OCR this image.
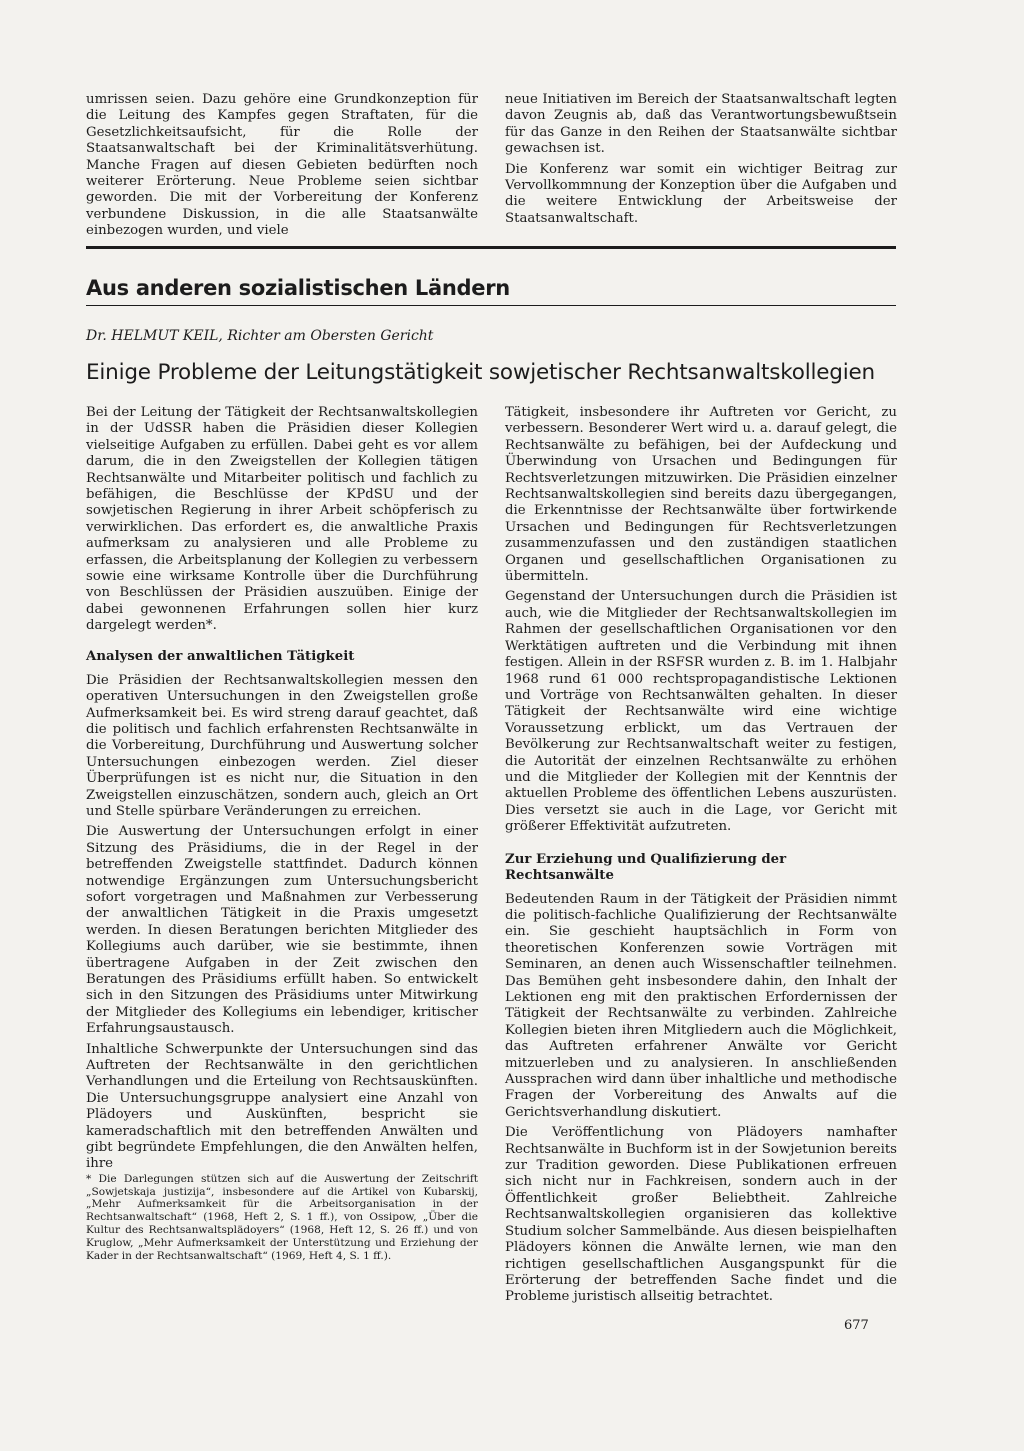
umrissen seien. Dazu gehöre eine Grundkonzeption für die Leitung des Kampfes gegen Straftaten, für die Gesetzlichkeitsaufsicht, für die Rolle der Staatsanwaltschaft bei der Kriminalitätsverhütung. Manche Fragen auf diesen Gebieten bedürften noch weiterer Erörterung. Neue Probleme seien sichtbar geworden. Die mit der Vorbereitung der Konferenz verbundene Diskussion, in die alle Staatsanwälte einbezogen wurden, und viele

neue Initiativen im Bereich der Staatsanwaltschaft legten davon Zeugnis ab, daß das Verantwortungsbewußtsein für das Ganze in den Reihen der Staatsanwälte sichtbar gewachsen ist.

Die Konferenz war somit ein wichtiger Beitrag zur Vervollkommnung der Konzeption über die Aufgaben und die weitere Entwicklung der Arbeitsweise der Staatsanwaltschaft.

Aus anderen sozialistischen Ländern

Dr. HELMUT KEIL, Richter am Obersten Gericht

Einige Probleme der Leitungstätigkeit sowjetischer Rechtsanwaltskollegien

Bei der Leitung der Tätigkeit der Rechtsanwaltskollegien in der UdSSR haben die Präsidien dieser Kollegien vielseitige Aufgaben zu erfüllen. Dabei geht es vor allem darum, die in den Zweigstellen der Kollegien tätigen Rechtsanwälte und Mitarbeiter politisch und fachlich zu befähigen, die Beschlüsse der KPdSU und der sowjetischen Regierung in ihrer Arbeit schöpferisch zu verwirklichen. Das erfordert es, die anwaltliche Praxis aufmerksam zu analysieren und alle Probleme zu erfassen, die Arbeitsplanung der Kollegien zu verbessern sowie eine wirksame Kontrolle über die Durchführung von Beschlüssen der Präsidien auszuüben. Einige der dabei gewonnenen Erfahrungen sollen hier kurz dargelegt werden*.

Analysen der anwaltlichen Tätigkeit

Die Präsidien der Rechtsanwaltskollegien messen den operativen Untersuchungen in den Zweigstellen große Aufmerksamkeit bei. Es wird streng darauf geachtet, daß die politisch und fachlich erfahrensten Rechtsanwälte in die Vorbereitung, Durchführung und Auswertung solcher Untersuchungen einbezogen werden. Ziel dieser Überprüfungen ist es nicht nur, die Situation in den Zweigstellen einzuschätzen, sondern auch, gleich an Ort und Stelle spürbare Veränderungen zu erreichen.

Die Auswertung der Untersuchungen erfolgt in einer Sitzung des Präsidiums, die in der Regel in der betreffenden Zweigstelle stattfindet. Dadurch können notwendige Ergänzungen zum Untersuchungsbericht sofort vorgetragen und Maßnahmen zur Verbesserung der anwaltlichen Tätigkeit in die Praxis umgesetzt werden. In diesen Beratungen berichten Mitglieder des Kollegiums auch darüber, wie sie bestimmte, ihnen übertragene Aufgaben in der Zeit zwischen den Beratungen des Präsidiums erfüllt haben. So entwickelt sich in den Sitzungen des Präsidiums unter Mitwirkung der Mitglieder des Kollegiums ein lebendiger, kritischer Erfahrungsaustausch.

Inhaltliche Schwerpunkte der Untersuchungen sind das Auftreten der Rechtsanwälte in den gerichtlichen Verhandlungen und die Erteilung von Rechtsauskünften. Die Untersuchungsgruppe analysiert eine Anzahl von Plädoyers und Auskünften, bespricht sie kameradschaftlich mit den betreffenden Anwälten und gibt begründete Empfehlungen, die den Anwälten helfen, ihre

* Die Darlegungen stützen sich auf die Auswertung der Zeitschrift „Sowjetskaja justizija“, insbesondere auf die Artikel von Kubarskij, „Mehr Aufmerksamkeit für die Arbeitsorganisation in der Rechtsanwaltschaft“ (1968, Heft 2, S. 1 ff.), von Ossipow, „Über die Kultur des Rechtsanwaltsplädoyers“ (1968, Heft 12, S. 26 ff.) und von Kruglow, „Mehr Aufmerksamkeit der Unterstützung und Erziehung der Kader in der Rechtsanwaltschaft“ (1969, Heft 4, S. 1 ff.).

Tätigkeit, insbesondere ihr Auftreten vor Gericht, zu verbessern. Besonderer Wert wird u. a. darauf gelegt, die Rechtsanwälte zu befähigen, bei der Aufdeckung und Überwindung von Ursachen und Bedingungen für Rechtsverletzungen mitzuwirken. Die Präsidien einzelner Rechtsanwaltskollegien sind bereits dazu übergegangen, die Erkenntnisse der Rechtsanwälte über fortwirkende Ursachen und Bedingungen für Rechtsverletzungen zusammenzufassen und den zuständigen staatlichen Organen und gesellschaftlichen Organisationen zu übermitteln.

Gegenstand der Untersuchungen durch die Präsidien ist auch, wie die Mitglieder der Rechtsanwaltskollegien im Rahmen der gesellschaftlichen Organisationen vor den Werktätigen auftreten und die Verbindung mit ihnen festigen. Allein in der RSFSR wurden z. B. im 1. Halbjahr 1968 rund 61 000 rechtspropagandistische Lektionen und Vorträge von Rechtsanwälten gehalten. In dieser Tätigkeit der Rechtsanwälte wird eine wichtige Voraussetzung erblickt, um das Vertrauen der Bevölkerung zur Rechtsanwaltschaft weiter zu festigen, die Autorität der einzelnen Rechtsanwälte zu erhöhen und die Mitglieder der Kollegien mit der Kenntnis der aktuellen Probleme des öffentlichen Lebens auszurüsten. Dies versetzt sie auch in die Lage, vor Gericht mit größerer Effektivität aufzutreten.

Zur Erziehung und Qualifizierung der Rechtsanwälte

Bedeutenden Raum in der Tätigkeit der Präsidien nimmt die politisch-fachliche Qualifizierung der Rechtsanwälte ein. Sie geschieht hauptsächlich in Form von theoretischen Konferenzen sowie Vorträgen mit Seminaren, an denen auch Wissenschaftler teilnehmen. Das Bemühen geht insbesondere dahin, den Inhalt der Lektionen eng mit den praktischen Erfordernissen der Tätigkeit der Rechtsanwälte zu verbinden. Zahlreiche Kollegien bieten ihren Mitgliedern auch die Möglichkeit, das Auftreten erfahrener Anwälte vor Gericht mitzuerleben und zu analysieren. In anschließenden Aussprachen wird dann über inhaltliche und methodische Fragen der Vorbereitung des Anwalts auf die Gerichtsverhandlung diskutiert.

Die Veröffentlichung von Plädoyers namhafter Rechtsanwälte in Buchform ist in der Sowjetunion bereits zur Tradition geworden. Diese Publikationen erfreuen sich nicht nur in Fachkreisen, sondern auch in der Öffentlichkeit großer Beliebtheit. Zahlreiche Rechtsanwaltskollegien organisieren das kollektive Studium solcher Sammelbände. Aus diesen beispielhaften Plädoyers können die Anwälte lernen, wie man den richtigen gesellschaftlichen Ausgangspunkt für die Erörterung der betreffenden Sache findet und die Probleme juristisch allseitig betrachtet.

677
